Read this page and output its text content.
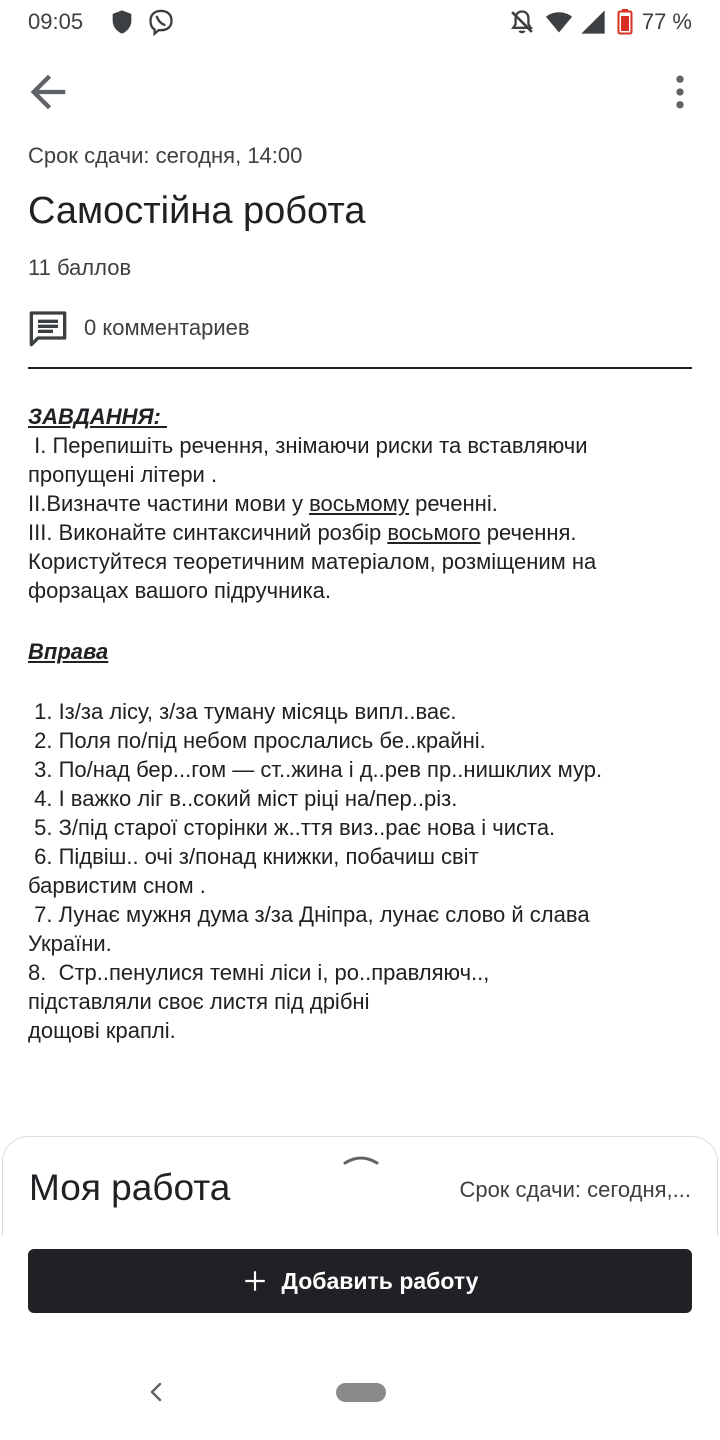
09:05	77 %
Срок сдачи: сегодня, 14:00
Самостійна робота
11 баллов
0 комментариев
ЗАВДАННЯ:
І. Перепишіть речення, знімаючи риски та вставляючи
пропущені літери .
ІІ.Визначте частини мови у восьмому реченні.
ІІІ. Виконайте синтаксичний розбір восьмого речення.
Користуйтеся теоретичним матеріалом, розміщеним на
форзацах вашого підручника.
Вправа
1. Із/за лісу, з/за туману місяць випл..ває.
2. Поля по/під небом прослались бе..крайні.
3. По/над бер...гом — ст..жина і д..рев пр..нишклих мур.
4. І важко ліг в..сокий міст ріці на/пер..різ.
5. З/під старої сторінки ж..ття виз..рає нова і чиста.
6. Підвіш.. очі з/понад книжки, побачиш світ
барвистим сном .
7. Лунає мужня дума з/за Дніпра, лунає слово й слава
України.
8.  Стр..пенулися темні ліси і, ро..правляюч..,
підставляли своє листя під дрібні
дощові краплі.
Моя работа	Срок сдачи: сегодня,...
Добавить работу
